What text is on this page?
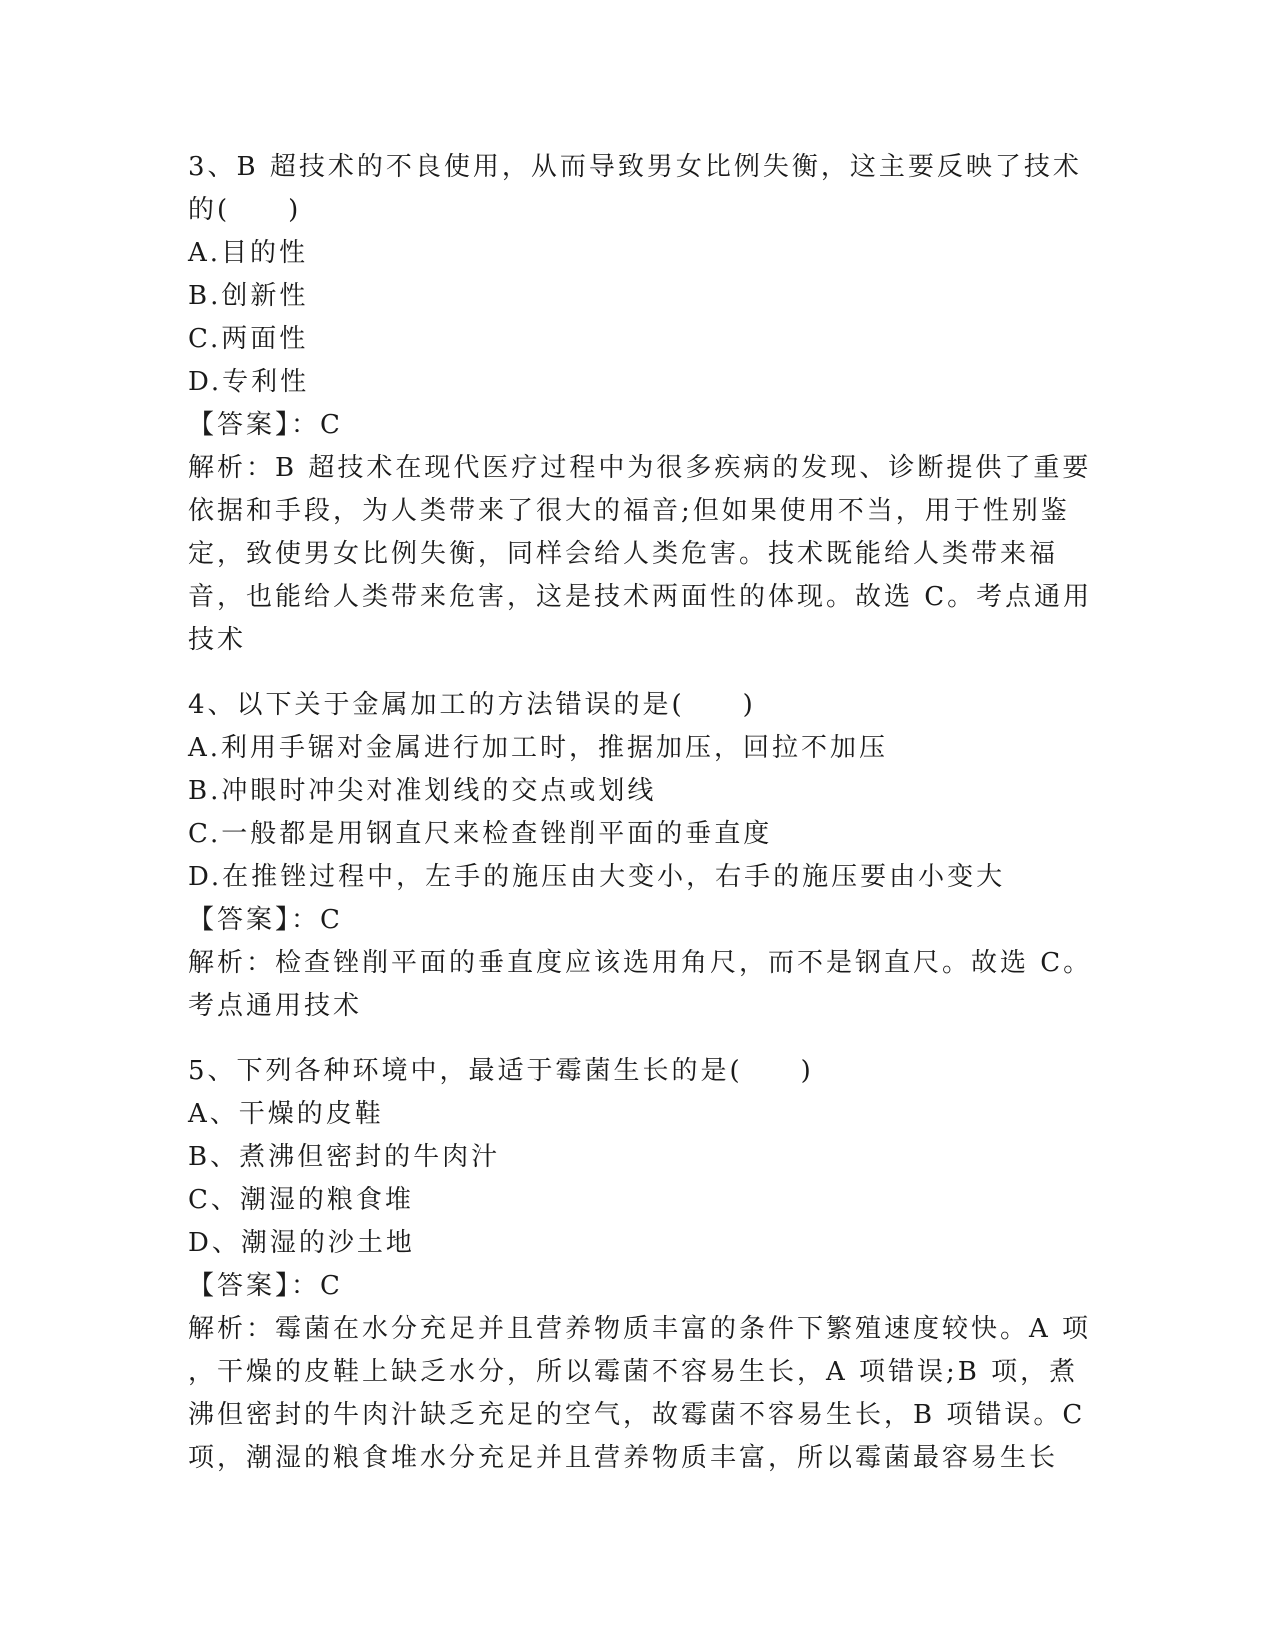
3、B 超技术的不良使用，从而导致男女比例失衡，这主要反映了技术
的(　　)
A.目的性
B.创新性
C.两面性
D.专利性
【答案】：C
解析：B 超技术在现代医疗过程中为很多疾病的发现、诊断提供了重要
依据和手段，为人类带来了很大的福音;但如果使用不当，用于性别鉴
定，致使男女比例失衡，同样会给人类危害。技术既能给人类带来福
音，也能给人类带来危害，这是技术两面性的体现。故选 C。考点通用
技术
4、以下关于金属加工的方法错误的是(　　)
A.利用手锯对金属进行加工时，推据加压，回拉不加压
B.冲眼时冲尖对准划线的交点或划线
C.一般都是用钢直尺来检查锉削平面的垂直度
D.在推锉过程中，左手的施压由大变小，右手的施压要由小变大
【答案】：C
解析：检查锉削平面的垂直度应该选用角尺，而不是钢直尺。故选 C。
考点通用技术
5、下列各种环境中，最适于霉菌生长的是(　　)
A、干燥的皮鞋
B、煮沸但密封的牛肉汁
C、潮湿的粮食堆
D、潮湿的沙土地
【答案】：C
解析：霉菌在水分充足并且营养物质丰富的条件下繁殖速度较快。A 项
，干燥的皮鞋上缺乏水分，所以霉菌不容易生长，A 项错误;B 项，煮
沸但密封的牛肉汁缺乏充足的空气，故霉菌不容易生长，B 项错误。C
项，潮湿的粮食堆水分充足并且营养物质丰富，所以霉菌最容易生长
